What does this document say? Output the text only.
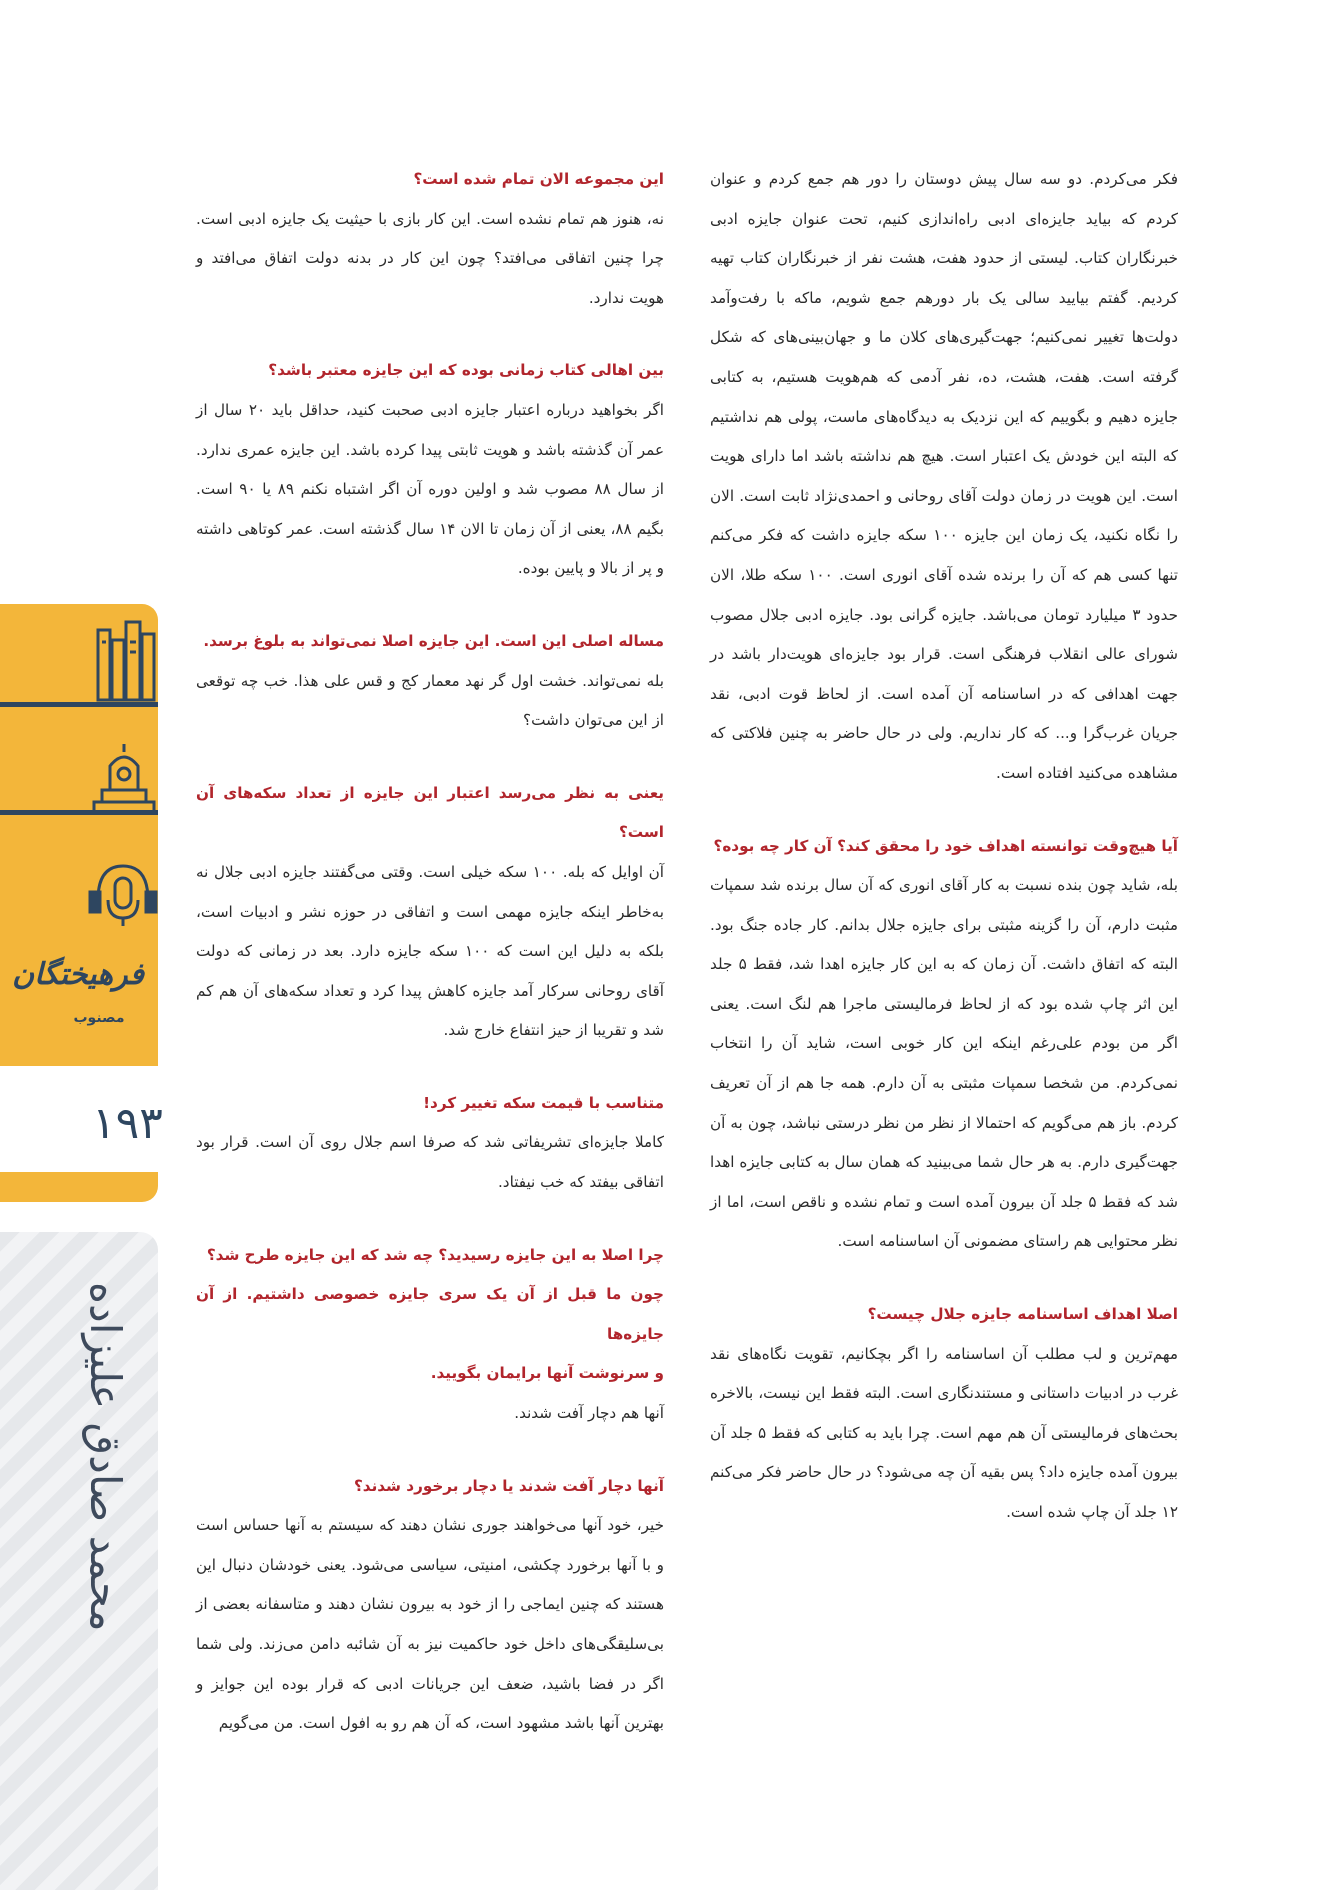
فرهیختگان
مصنوب
۱۹۳
محمد صادق علیزاده

فکر می‌کردم. دو سه سال پیش دوستان را دور هم جمع کردم و عنوان کردم که بیاید جایزه‌ای ادبی راه‌اندازی کنیم، تحت عنوان جایزه ادبی خبرنگاران کتاب. لیستی از حدود هفت، هشت نفر از خبرنگاران کتاب تهیه کردیم. گفتم بیایید سالی یک بار دورهم جمع شویم، ماکه با رفت‌وآمد دولت‌ها تغییر نمی‌کنیم؛ جهت‌گیری‌های کلان ما و جهان‌بینی‌های که شکل گرفته است. هفت، هشت، ده، نفر آدمی که هم‌هویت هستیم، به کتابی جایزه دهیم و بگوییم که این نزدیک به دیدگاه‌های ماست، پولی هم نداشتیم که البته این خودش یک اعتبار است. هیچ هم نداشته باشد اما دارای هویت است. این هویت در زمان دولت آقای روحانی و احمدی‌نژاد ثابت است. الان را نگاه نکنید، یک زمان این جایزه ۱۰۰ سکه جایزه داشت که فکر می‌کنم تنها کسی هم که آن را برنده شده آقای انوری است. ۱۰۰ سکه طلا، الان حدود ۳ میلیارد تومان می‌باشد. جایزه گرانی بود. جایزه ادبی جلال مصوب شورای عالی انقلاب فرهنگی است. قرار بود جایزه‌ای هویت‌دار باشد در جهت اهدافی که در اساسنامه آن آمده است. از لحاظ قوت ادبی، نقد جریان غرب‌گرا و... که کار نداریم. ولی در حال حاضر به چنین فلاکتی که مشاهده می‌کنید افتاده است.

آیا هیچ‌وقت توانسته اهداف خود را محقق کند؟ آن کار چه بوده؟

بله، شاید چون بنده نسبت به کار آقای انوری که آن سال برنده شد سمپات مثبت دارم، آن را گزینه مثبتی برای جایزه جلال بدانم. کار جاده جنگ بود. البته که اتفاق داشت. آن زمان که به این کار جایزه اهدا شد، فقط ۵ جلد این اثر چاپ شده بود که از لحاظ فرمالیستی ماجرا هم لنگ است. یعنی اگر من بودم علی‌رغم اینکه این کار خوبی است، شاید آن را انتخاب نمی‌کردم. من شخصا سمپات مثبتی به آن دارم. همه جا هم از آن تعریف کردم. باز هم می‌گویم که احتمالا از نظر من نظر درستی نباشد، چون به آن جهت‌گیری دارم. به هر حال شما می‌بینید که همان سال به کتابی جایزه اهدا شد که فقط ۵ جلد آن بیرون آمده است و تمام نشده و ناقص است، اما از نظر محتوایی هم راستای مضمونی آن اساسنامه است.

اصلا اهداف اساسنامه جایزه جلال چیست؟

مهم‌ترین و لب مطلب آن اساسنامه را اگر بچکانیم، تقویت نگاه‌های نقد غرب در ادبیات داستانی و مستندنگاری است. البته فقط این نیست، بالاخره بحث‌های فرمالیستی آن هم مهم است. چرا باید به کتابی که فقط ۵ جلد آن بیرون آمده جایزه داد؟ پس بقیه آن چه می‌شود؟ در حال حاضر فکر می‌کنم ۱۲ جلد آن چاپ شده است.

این مجموعه الان تمام شده است؟

نه، هنوز هم تمام نشده است. این کار بازی با حیثیت یک جایزه ادبی است. چرا چنین اتفاقی می‌افتد؟ چون این کار در بدنه دولت اتفاق می‌افتد و هویت ندارد.

بین اهالی کتاب زمانی بوده که این جایزه معتبر باشد؟

اگر بخواهید درباره اعتبار جایزه ادبی صحبت کنید، حداقل باید ۲۰ سال از عمر آن گذشته باشد و هویت ثابتی پیدا کرده باشد. این جایزه عمری ندارد. از سال ۸۸ مصوب شد و اولین دوره آن اگر اشتباه نکنم ۸۹ یا ۹۰ است. بگیم ۸۸، یعنی از آن زمان تا الان ۱۴ سال گذشته است. عمر کوتاهی داشته و پر از بالا و پایین بوده.

مساله اصلی این است. این جایزه اصلا نمی‌تواند به بلوغ برسد.

بله نمی‌تواند. خشت اول گر نهد معمار کج و قس علی هذا. خب چه توقعی از این می‌توان داشت؟

یعنی به نظر می‌رسد اعتبار این جایزه از تعداد سکه‌های آن است؟

آن اوایل که بله. ۱۰۰ سکه خیلی است. وقتی می‌گفتند جایزه ادبی جلال نه به‌خاطر اینکه جایزه مهمی است و اتفاقی در حوزه نشر و ادبیات است، بلکه به دلیل این است که ۱۰۰ سکه جایزه دارد. بعد در زمانی که دولت آقای روحانی سرکار آمد جایزه کاهش پیدا کرد و تعداد سکه‌های آن هم کم شد و تقریبا از حیز انتفاع خارج شد.

متناسب با قیمت سکه تغییر کرد!

کاملا جایزه‌ای تشریفاتی شد که صرفا اسم جلال روی آن است. قرار بود اتفاقی بیفتد که خب نیفتاد.

چرا اصلا به این جایزه رسیدید؟ چه شد که این جایزه طرح شد؟
چون ما قبل از آن یک سری جایزه خصوصی داشتیم. از آن جایزه‌ها
و سرنوشت آنها برایمان بگویید.

آنها هم دچار آفت شدند.

آنها دچار آفت شدند یا دچار برخورد شدند؟

خیر، خود آنها می‌خواهند جوری نشان دهند که سیستم به آنها حساس است و با آنها برخورد چکشی، امنیتی، سیاسی می‌شود. یعنی خودشان دنبال این هستند که چنین ایماجی را از خود به بیرون نشان دهند و متاسفانه بعضی از بی‌سلیقگی‌های داخل خود حاکمیت نیز به آن شائبه دامن می‌زند. ولی شما اگر در فضا باشید، ضعف این جریانات ادبی که قرار بوده این جوایز و بهترین آنها باشد مشهود است، که آن هم رو به افول است. من می‌گویم
